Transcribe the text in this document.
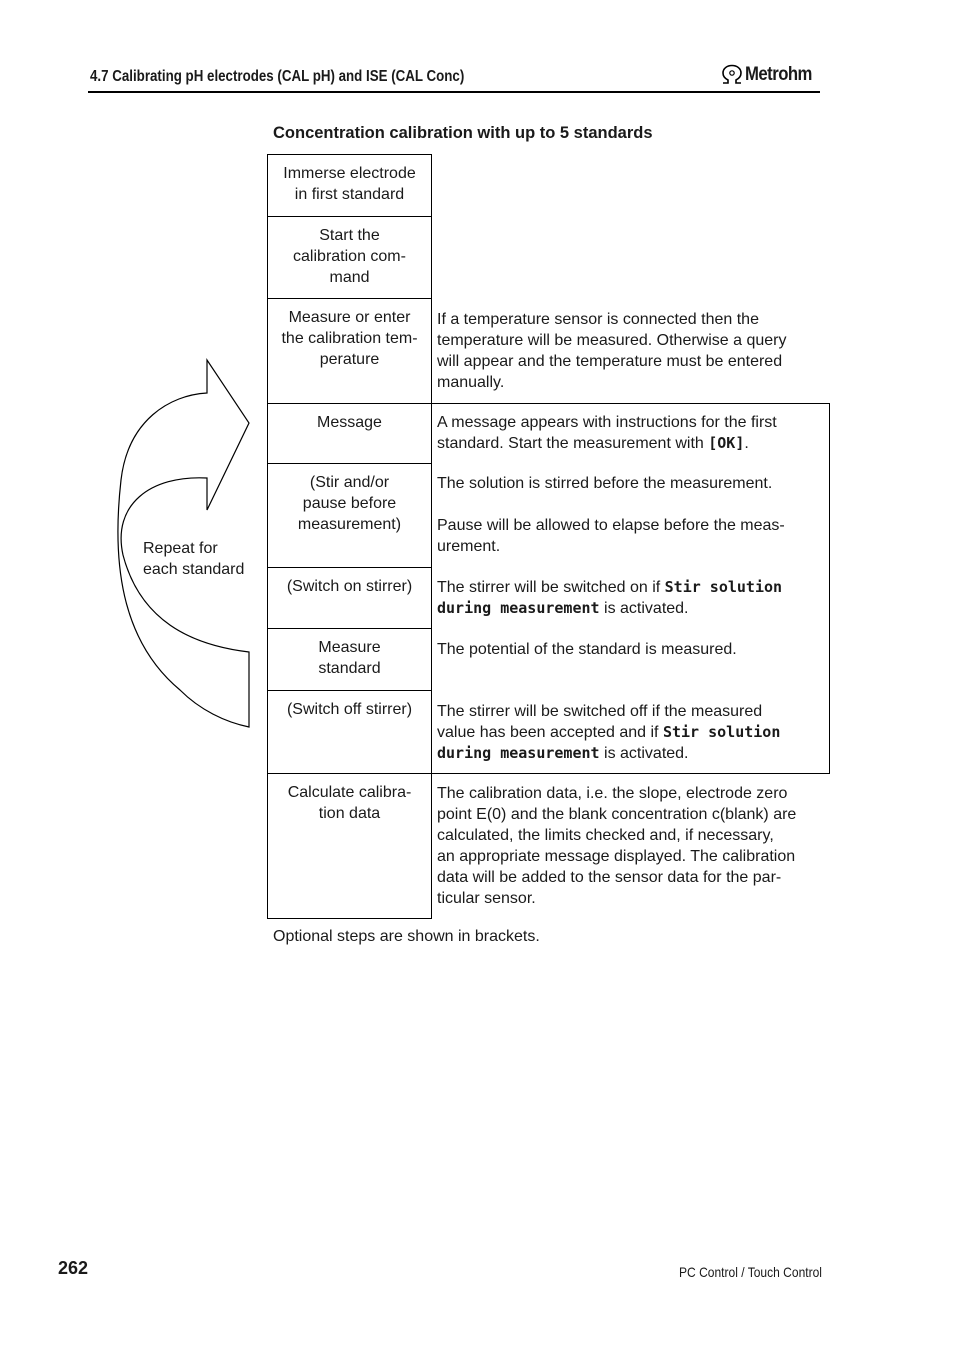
4.7 Calibrating pH electrodes (CAL pH) and ISE (CAL Conc)	Metrohm
Concentration calibration with up to 5 standards
Repeat for
each standard
Immerse electrode
in first standard
Start the
calibration com-
mand
Measure or enter
the calibration tem-
perature
Message
(Stir and/or
pause before
measurement)
(Switch on stirrer)
Measure
standard
(Switch off stirrer)
Calculate calibra-
tion data
If a temperature sensor is connected then the
temperature will be measured. Otherwise a query
will appear and the temperature must be entered
manually.
A message appears with instructions for the first
standard. Start the measurement with [OK].
The solution is stirred before the measurement.
Pause will be allowed to elapse before the meas-
urement.
The stirrer will be switched on if Stir solution
during measurement is activated.
The potential of the standard is measured.
The stirrer will be switched off if the measured
value has been accepted and if Stir solution
during measurement is activated.
The calibration data, i.e. the slope, electrode zero
point E(0) and the blank concentration c(blank) are
calculated, the limits checked and, if necessary,
an appropriate message displayed. The calibration
data will be added to the sensor data for the par-
ticular sensor.
Optional steps are shown in brackets.
262	PC Control / Touch Control
